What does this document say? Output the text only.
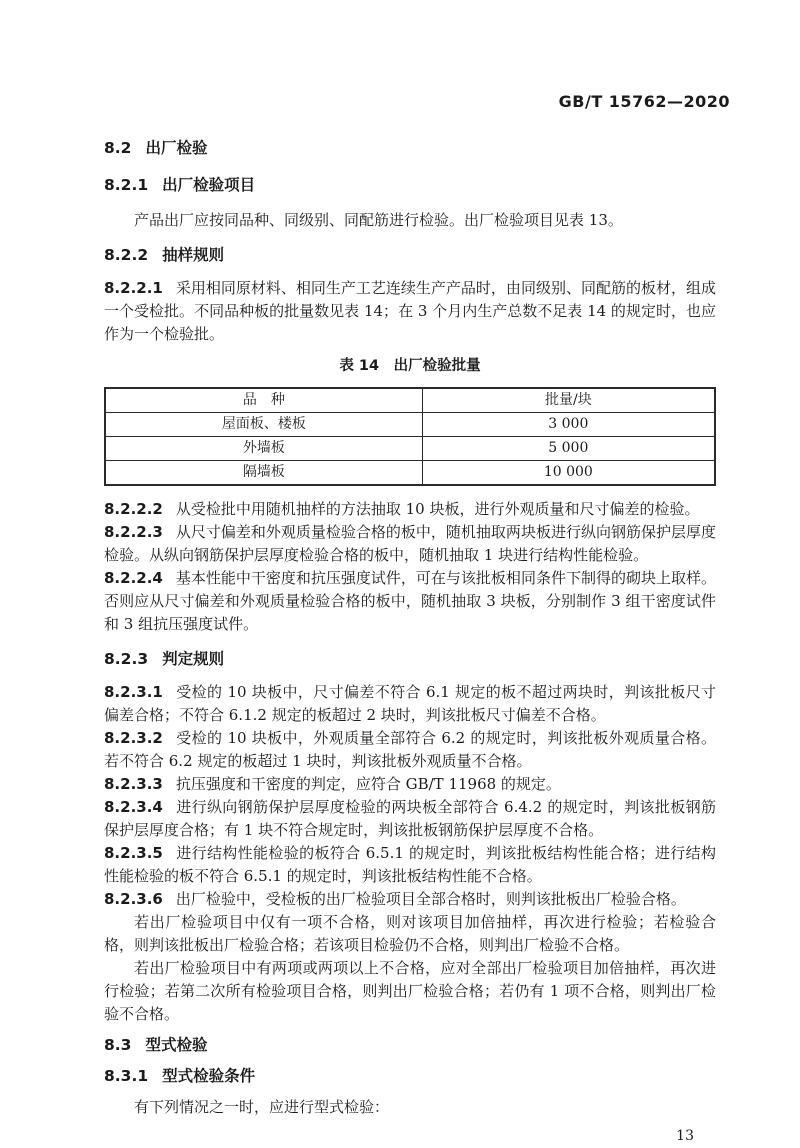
GB/T 15762—2020

8.2 出厂检验

8.2.1 出厂检验项目

产品出厂应按同品种、同级别、同配筋进行检验。出厂检验项目见表 13。

8.2.2 抽样规则

8.2.2.1 采用相同原材料、相同生产工艺连续生产产品时，由同级别、同配筋的板材，组成一个受检批。不同品种板的批量数见表 14；在 3 个月内生产总数不足表 14 的规定时，也应作为一个检验批。

表 14　出厂检验批量
品　种	批量/块
屋面板、楼板	3 000
外墙板	5 000
隔墙板	10 000

8.2.2.2 从受检批中用随机抽样的方法抽取 10 块板，进行外观质量和尺寸偏差的检验。

8.2.2.3 从尺寸偏差和外观质量检验合格的板中，随机抽取两块板进行纵向钢筋保护层厚度检验。从纵向钢筋保护层厚度检验合格的板中，随机抽取 1 块进行结构性能检验。

8.2.2.4 基本性能中干密度和抗压强度试件，可在与该批板相同条件下制得的砌块上取样。否则应从尺寸偏差和外观质量检验合格的板中，随机抽取 3 块板，分别制作 3 组干密度试件和 3 组抗压强度试件。

8.2.3 判定规则

8.2.3.1 受检的 10 块板中，尺寸偏差不符合 6.1 规定的板不超过两块时，判该批板尺寸偏差合格；不符合 6.1.2 规定的板超过 2 块时，判该批板尺寸偏差不合格。

8.2.3.2 受检的 10 块板中，外观质量全部符合 6.2 的规定时，判该批板外观质量合格。若不符合 6.2 规定的板超过 1 块时，判该批板外观质量不合格。

8.2.3.3 抗压强度和干密度的判定，应符合 GB/T 11968 的规定。

8.2.3.4 进行纵向钢筋保护层厚度检验的两块板全部符合 6.4.2 的规定时，判该批板钢筋保护层厚度合格；有 1 块不符合规定时，判该批板钢筋保护层厚度不合格。

8.2.3.5 进行结构性能检验的板符合 6.5.1 的规定时，判该批板结构性能合格；进行结构性能检验的板不符合 6.5.1 的规定时，判该批板结构性能不合格。

8.2.3.6 出厂检验中，受检板的出厂检验项目全部合格时，则判该批板出厂检验合格。

若出厂检验项目中仅有一项不合格，则对该项目加倍抽样，再次进行检验；若检验合格，则判该批板出厂检验合格；若该项目检验仍不合格，则判出厂检验不合格。

若出厂检验项目中有两项或两项以上不合格，应对全部出厂检验项目加倍抽样，再次进行检验；若第二次所有检验项目合格，则判出厂检验合格；若仍有 1 项不合格，则判出厂检验不合格。

8.3 型式检验

8.3.1 型式检验条件

有下列情况之一时，应进行型式检验：

13
